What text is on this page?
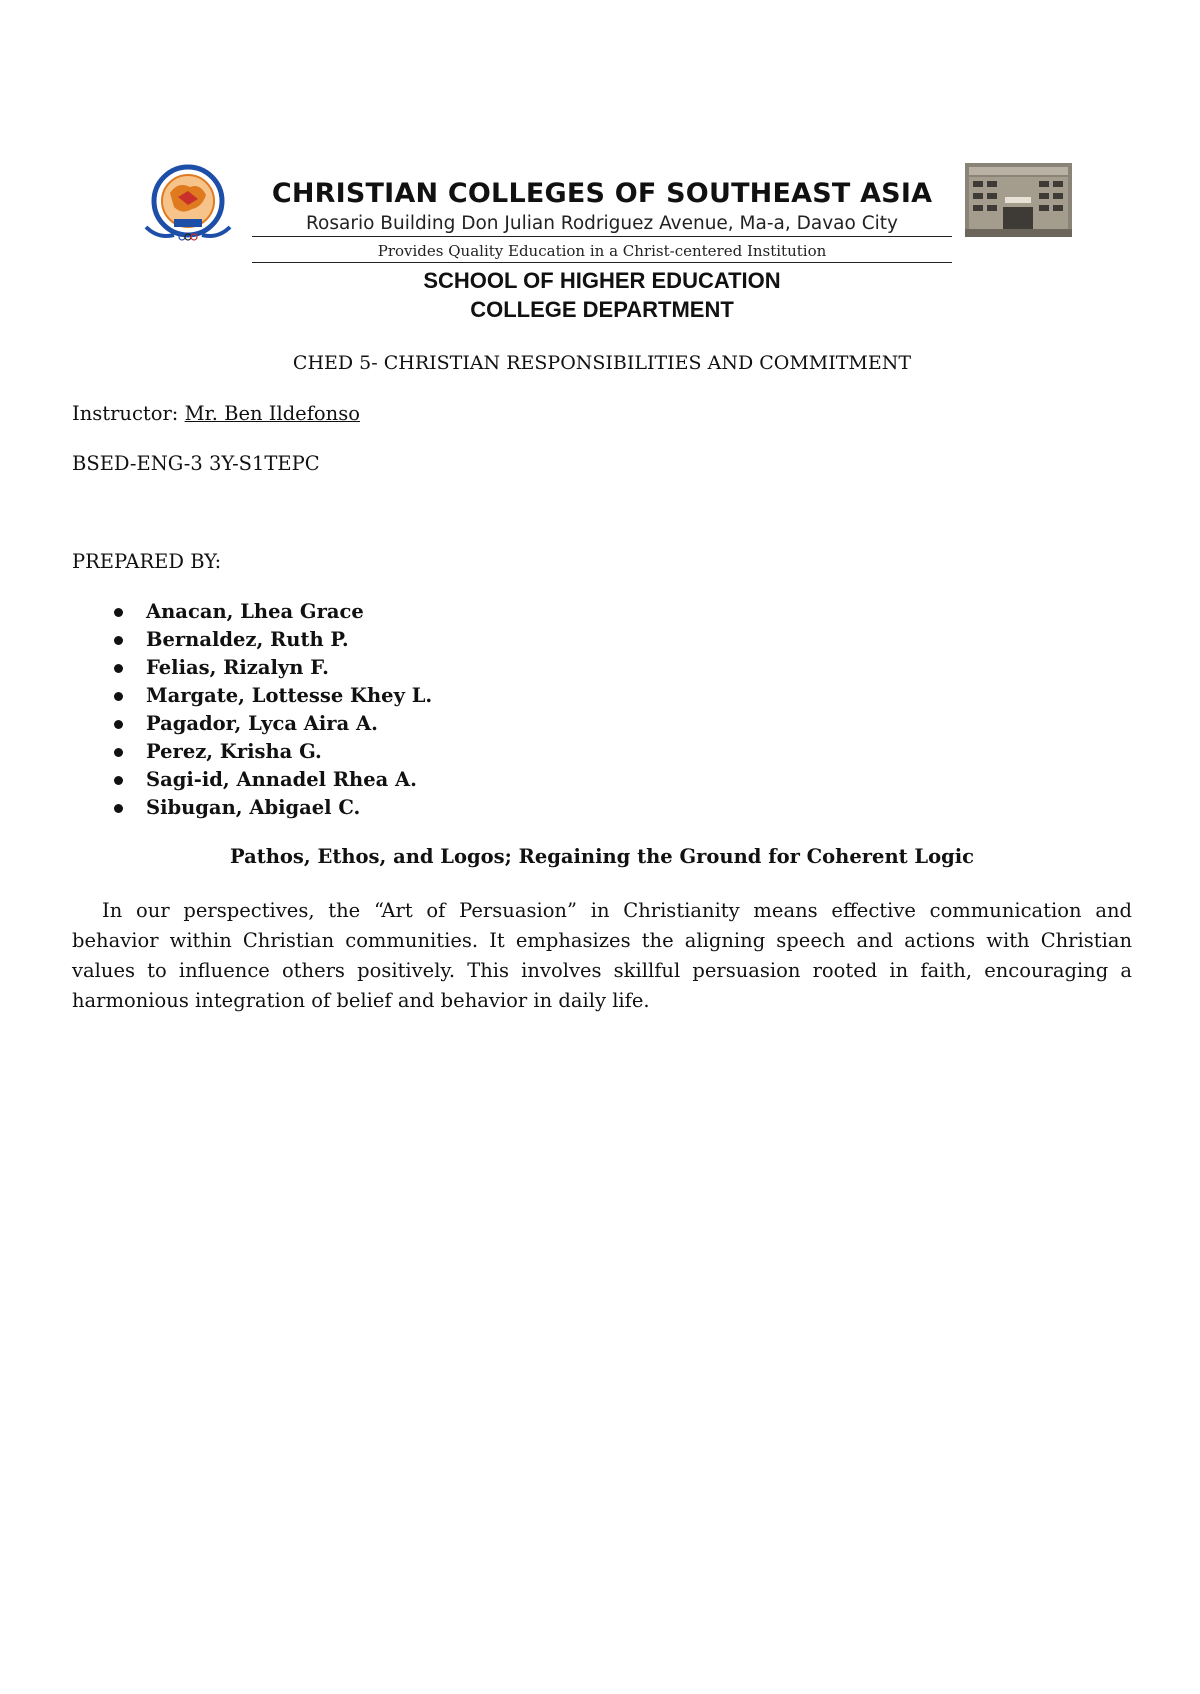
CHRISTIAN COLLEGES OF SOUTHEAST ASIA
Rosario Building Don Julian Rodriguez Avenue, Ma-a, Davao City
Provides Quality Education in a Christ-centered Institution
SCHOOL OF HIGHER EDUCATION
COLLEGE DEPARTMENT
CHED 5- CHRISTIAN RESPONSIBILITIES AND COMMITMENT
Instructor: Mr. Ben Ildefonso
BSED-ENG-3 3Y-S1TEPC
PREPARED BY:
Anacan, Lhea Grace
Bernaldez, Ruth P.
Felias, Rizalyn F.
Margate, Lottesse Khey L.
Pagador, Lyca Aira A.
Perez, Krisha G.
Sagi-id, Annadel Rhea A.
Sibugan, Abigael C.
Pathos, Ethos, and Logos; Regaining the Ground for Coherent Logic

In our perspectives, the “Art of Persuasion” in Christianity means effective communication and behavior within Christian communities. It emphasizes the aligning speech and actions with Christian values to influence others positively. This involves skillful persuasion rooted in faith, encouraging a harmonious integration of belief and behavior in daily life.
